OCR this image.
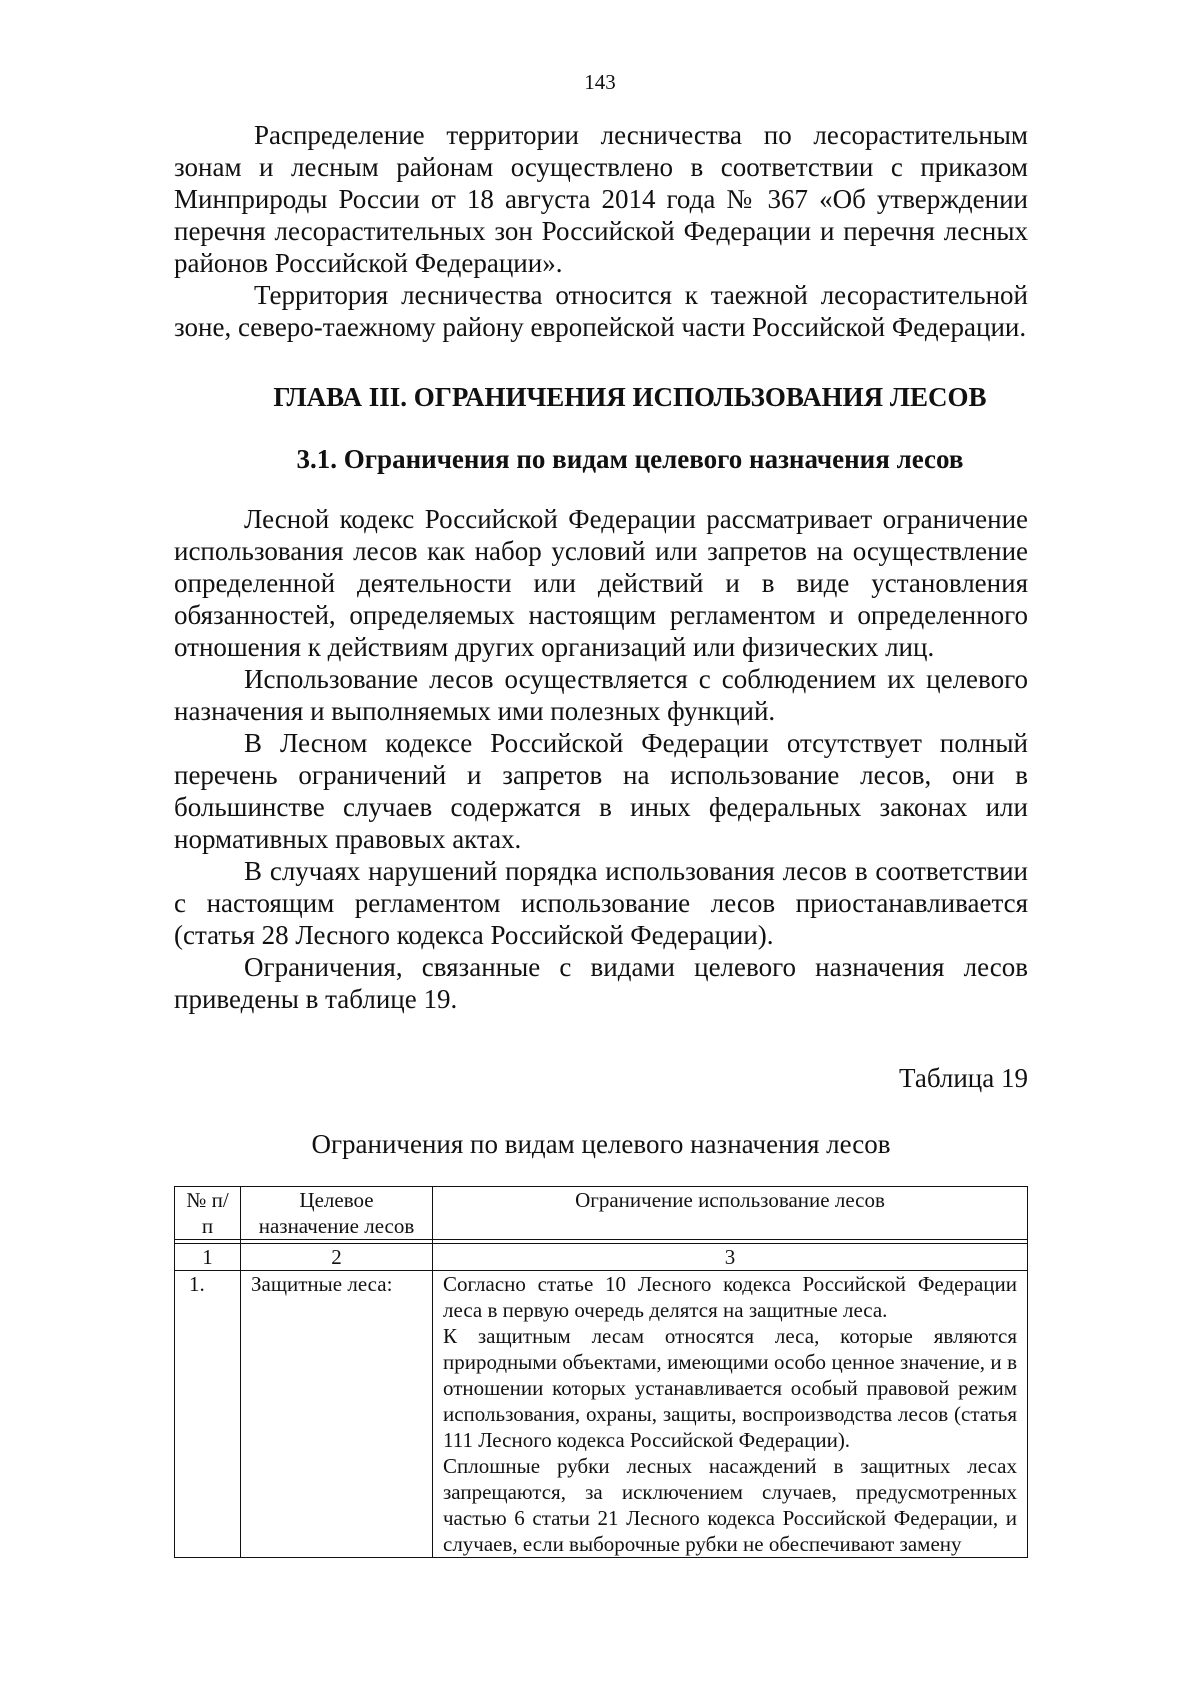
143

Распределение территории лесничества по лесорастительным зонам и лесным районам осуществлено в соответствии с приказом Минприроды России от 18 августа 2014 года № 367 «Об утверждении перечня лесорастительных зон Российской Федерации и перечня лесных районов Российской Федерации».

Территория лесничества относится к таежной лесорастительной зоне, северо-таежному району европейской части Российской Федерации.

ГЛАВА III. ОГРАНИЧЕНИЯ ИСПОЛЬЗОВАНИЯ ЛЕСОВ
3.1. Ограничения по видам целевого назначения лесов

Лесной кодекс Российской Федерации рассматривает ограничение использования лесов как набор условий или запретов на осуществление определенной деятельности или действий и в виде установления обязанностей, определяемых настоящим регламентом и определенного отношения к действиям других организаций или физических лиц.

Использование лесов осуществляется с соблюдением их целевого назначения и выполняемых ими полезных функций.

В Лесном кодексе Российской Федерации отсутствует полный перечень ограничений и запретов на использование лесов, они в большинстве случаев содержатся в иных федеральных законах или нормативных правовых актах.

В случаях нарушений порядка использования лесов в соответствии с настоящим регламентом использование лесов приостанавливается (статья 28 Лесного кодекса Российской Федерации).

Ограничения, связанные с видами целевого назначения лесов приведены в таблице 19.

Таблица 19
Ограничения по видам целевого назначения лесов
№ п/п	Целевое назначение лесов	Ограничение использование лесов

1	2	3
1.	Защитные леса:	Согласно статье 10 Лесного кодекса Российской Федерации леса в первую очередь делятся на защитные леса.

К защитным лесам относятся леса, которые являются природными объектами, имеющими особо ценное значение, и в отношении которых устанавливается особый правовой режим использования, охраны, защиты, воспроизводства лесов (статья 111 Лесного кодекса Российской Федерации).

Сплошные рубки лесных насаждений в защитных лесах запрещаются, за исключением случаев, предусмотренных частью 6 статьи 21 Лесного кодекса Российской Федерации, и случаев, если выборочные рубки не обеспечивают замену
